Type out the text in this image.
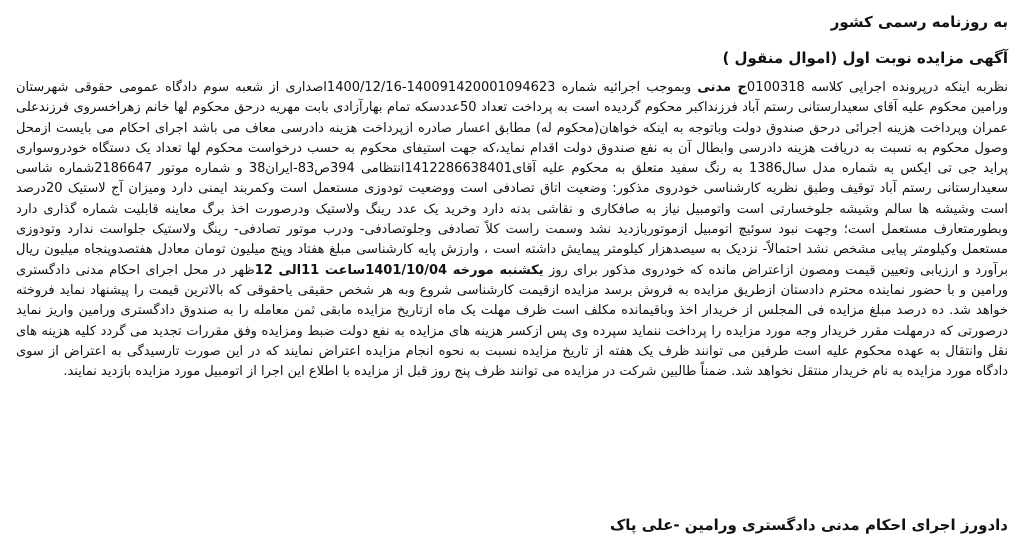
به روزنامه رسمی کشور

آگهی مزایده نوبت اول (اموال منقول )

نظربه اینکه درپرونده اجرایی کلاسه 0100318ج مدنی وبموجب اجرائیه شماره 140091420001094623-1400/12/16اصداری از شعبه سوم دادگاه عمومی حقوقی شهرستان ورامین محکوم علیه آقای سعیدارستانی رستم آباد فرزنداکبر محکوم گردیده است به پرداخت تعداد 50عددسکه تمام بهارآزادی بابت مهریه درحق محکوم لها خانم زهراخسروی فرزندعلی عمران وپرداخت هزینه اجرائی درحق صندوق دولت وباتوجه به اینکه خواهان(محکوم له) مطابق اعسار صادره ازپرداخت هزینه دادرسی معاف می باشد اجرای احکام می بایست ازمحل وصول محکوم به نسبت به دریافت هزینه دادرسی وابطال آن به نفع صندوق دولت اقدام نماید،که جهت استیفای محکوم به حسب درخواست محکوم لها تعداد یک دستگاه خودروسواری پراید جی تی ایکس به شماره مدل سال1386 به رنگ سفید متعلق به محکوم علیه آقای1412286638401انتظامی 394ص83-ایران38 و شماره موتور 2186647شماره شاسی سعیدارستانی رستم آباد توقیف وطبق نظریه کارشناسی خودروی مذکور: وضعیت اتاق تصادفی است ووضعیت تودوزی مستعمل است وکمربند ایمنی دارد ومیزان آج لاستیک 20درصد است وشیشه ها سالم وشیشه جلوخسارتی است واتومبیل نیاز به صافکاری و نقاشی بدنه دارد وخرید یک عدد رینگ ولاستیک ودرصورت اخذ برگ معاینه قابلیت شماره گذاری دارد وبطورمتعارف مستعمل است؛ وجهت نبود سوئیچ اتومبیل ازموتوربازدید نشد وسمت راست کلاً تصادفی وجلوتصادفی- ودرب موتور تصادفی- رینگ ولاستیک جلواست ندارد وتودوزی مستعمل وکیلومتر پیایی مشخص نشد احتمالاً- نزدیک به سیصدهزار کیلومتر پیمایش داشته است ، وارزش پایه کارشناسی مبلغ هفتاد وپنج میلیون تومان معادل هفتصدوپنجاه میلیون ریال برآورد و ارزیابی وتعیین قیمت ومصون ازاعتراض مانده که خودروی مذکور برای روز یکشنبه مورخه 1401/10/04ساعت 11الی 12ظهر در محل اجرای احکام مدنی دادگستری ورامین و با حضور نماینده محترم دادستان ازطریق مزایده به فروش برسد مزایده ازقیمت کارشناسی شروع وبه هر شخص حقیقی یاحقوقی که بالاترین قیمت را پیشنهاد نماید فروخته خواهد شد. ده درصد مبلغ مزایده فی المجلس از خریدار اخذ وباقیمانده مکلف است ظرف مهلت یک ماه ازتاریخ مزایده مابقی ثمن معامله را به صندوق دادگستری ورامین واریز نماید درصورتی که درمهلت مقرر خریدار وجه مورد مزایده را پرداخت ننماید سپرده وی پس ازکسر هزینه های مزایده به نفع دولت ضبط ومزایده وفق مقررات تجدید می گردد کلیه هزینه های نقل وانتقال به عهده محکوم علیه است طرفین می توانند ظرف یک هفته از تاریخ مزایده نسبت به نحوه انجام مزایده اعتراض نمایند که در این صورت تارسیدگی به اعتراض از سوی دادگاه مورد مزایده به نام خریدار منتقل نخواهد شد. ضمناً طالبین شرکت در مزایده می توانند ظرف پنج روز قبل از مزایده با اطلاع این اجرا از اتومبیل مورد مزایده بازدید نمایند.

دادورز اجرای احکام مدنی دادگستری ورامین -علی پاک
